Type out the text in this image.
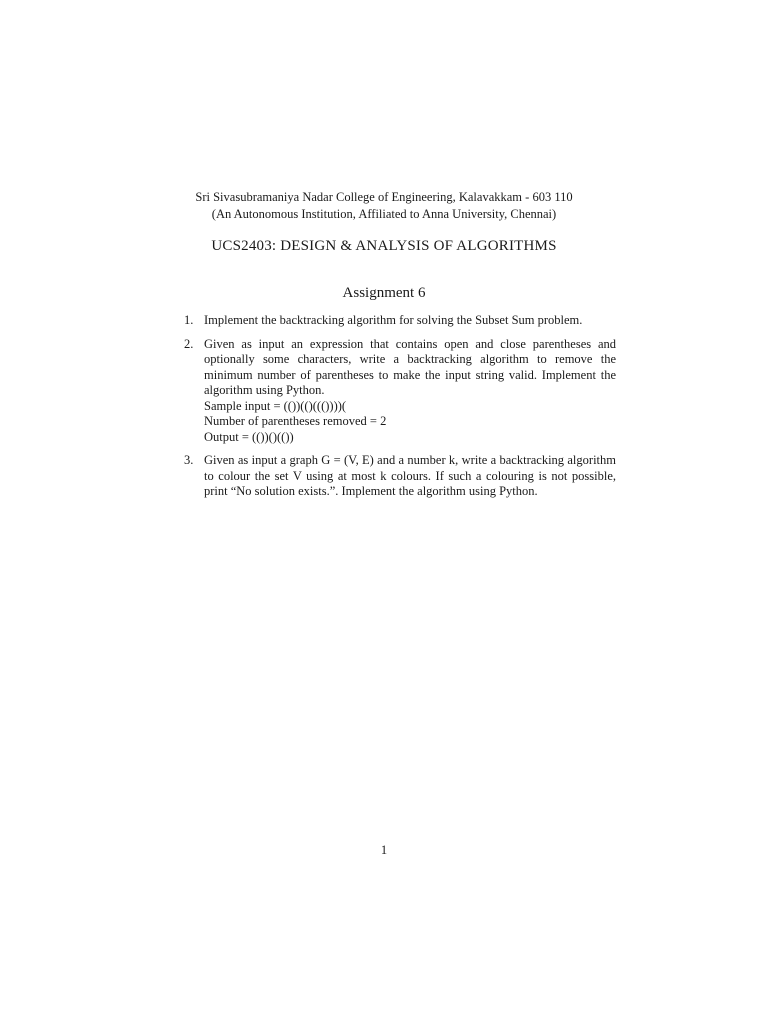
Sri Sivasubramaniya Nadar College of Engineering, Kalavakkam - 603 110
(An Autonomous Institution, Affiliated to Anna University, Chennai)
UCS2403: DESIGN & ANALYSIS OF ALGORITHMS
Assignment 6
1. Implement the backtracking algorithm for solving the Subset Sum problem.
2. Given as input an expression that contains open and close parentheses and optionally some characters, write a backtracking algorithm to remove the minimum number of parentheses to make the input string valid. Implement the algorithm using Python.
Sample input = (())(()((())))(
Number of parentheses removed = 2
Output = (())()(())
3. Given as input a graph G = (V, E) and a number k, write a backtracking algorithm to colour the set V using at most k colours. If such a colouring is not possible, print “No solution exists.”. Implement the algorithm using Python.
1
